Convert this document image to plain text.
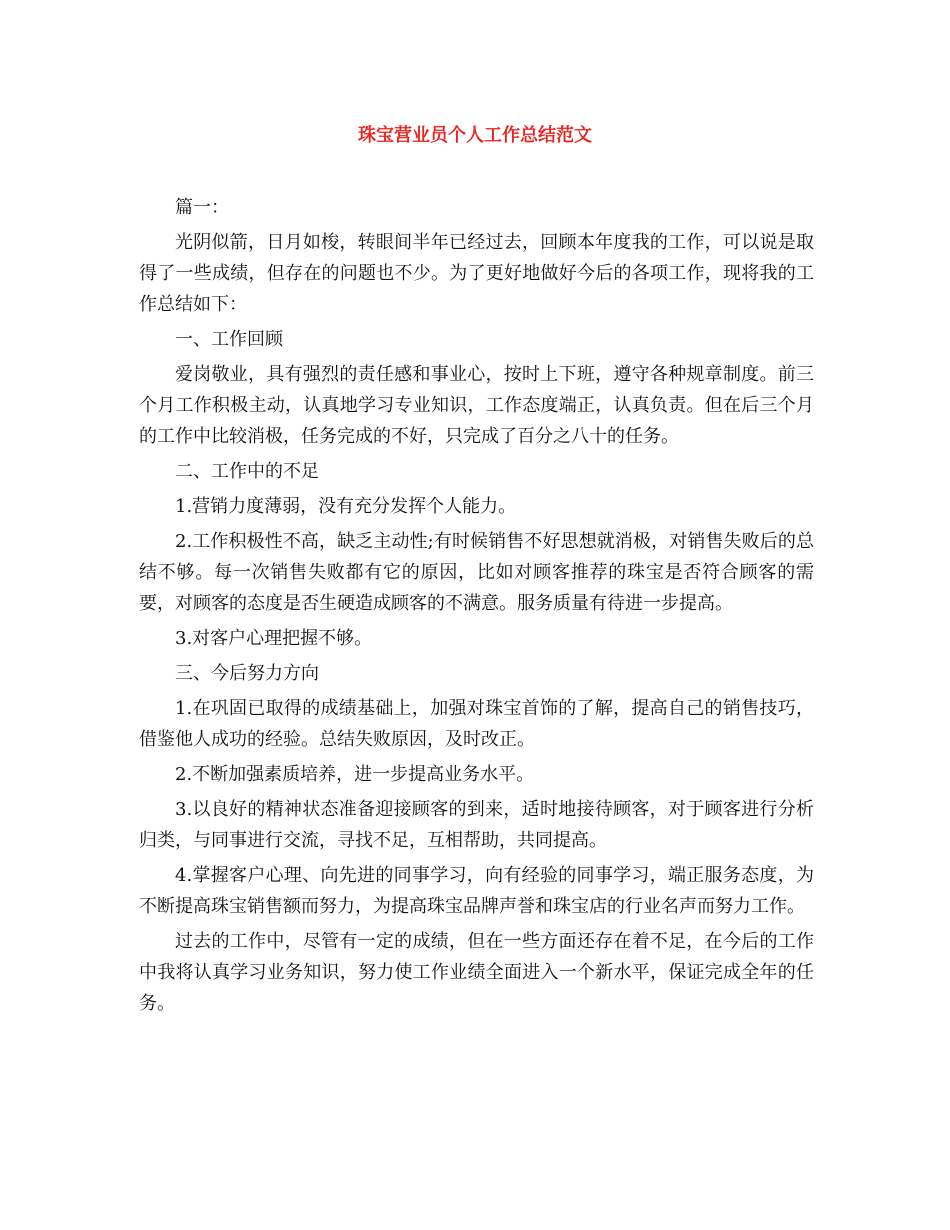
珠宝营业员个人工作总结范文

篇一：

光阴似箭，日月如梭，转眼间半年已经过去，回顾本年度我的工作，可以说是取得了一些成绩，但存在的问题也不少。为了更好地做好今后的各项工作，现将我的工作总结如下：

一、工作回顾

爱岗敬业，具有强烈的责任感和事业心，按时上下班，遵守各种规章制度。前三个月工作积极主动，认真地学习专业知识，工作态度端正，认真负责。但在后三个月的工作中比较消极，任务完成的不好，只完成了百分之八十的任务。

二、工作中的不足

1.营销力度薄弱，没有充分发挥个人能力。

2.工作积极性不高，缺乏主动性;有时候销售不好思想就消极，对销售失败后的总结不够。每一次销售失败都有它的原因，比如对顾客推荐的珠宝是否符合顾客的需要，对顾客的态度是否生硬造成顾客的不满意。服务质量有待进一步提高。

3.对客户心理把握不够。

三、今后努力方向

1.在巩固已取得的成绩基础上，加强对珠宝首饰的了解，提高自己的销售技巧，借鉴他人成功的经验。总结失败原因，及时改正。

2.不断加强素质培养，进一步提高业务水平。

3.以良好的精神状态准备迎接顾客的到来，适时地接待顾客，对于顾客进行分析归类，与同事进行交流，寻找不足，互相帮助，共同提高。

4.掌握客户心理、向先进的同事学习，向有经验的同事学习，端正服务态度，为不断提高珠宝销售额而努力，为提高珠宝品牌声誉和珠宝店的行业名声而努力工作。

过去的工作中，尽管有一定的成绩，但在一些方面还存在着不足，在今后的工作中我将认真学习业务知识，努力使工作业绩全面进入一个新水平，保证完成全年的任务。
